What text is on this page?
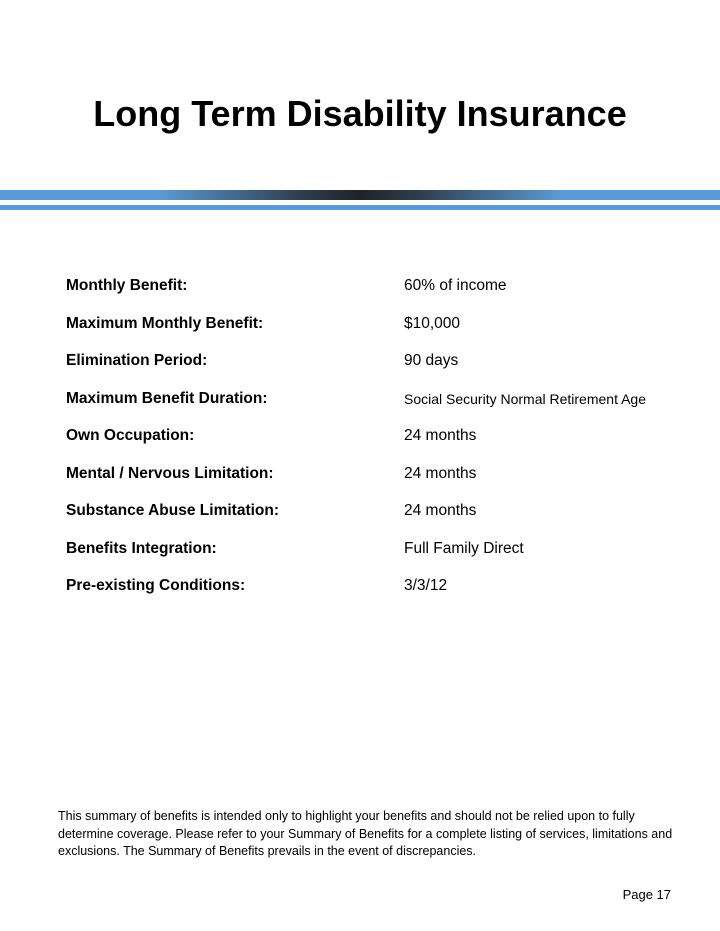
Long Term Disability Insurance
Monthly Benefit:	60% of income
Maximum Monthly Benefit:	$10,000
Elimination Period:	90 days
Maximum Benefit Duration:	Social Security Normal Retirement Age
Own Occupation:	24 months
Mental / Nervous Limitation:	24 months
Substance Abuse Limitation:	24 months
Benefits Integration:	Full Family Direct
Pre-existing Conditions:	3/3/12

This summary of benefits is intended only to highlight your benefits and should not be relied upon to fully determine coverage. Please refer to your Summary of Benefits for a complete listing of services, limitations and exclusions. The Summary of Benefits prevails in the event of discrepancies.

Page 17
